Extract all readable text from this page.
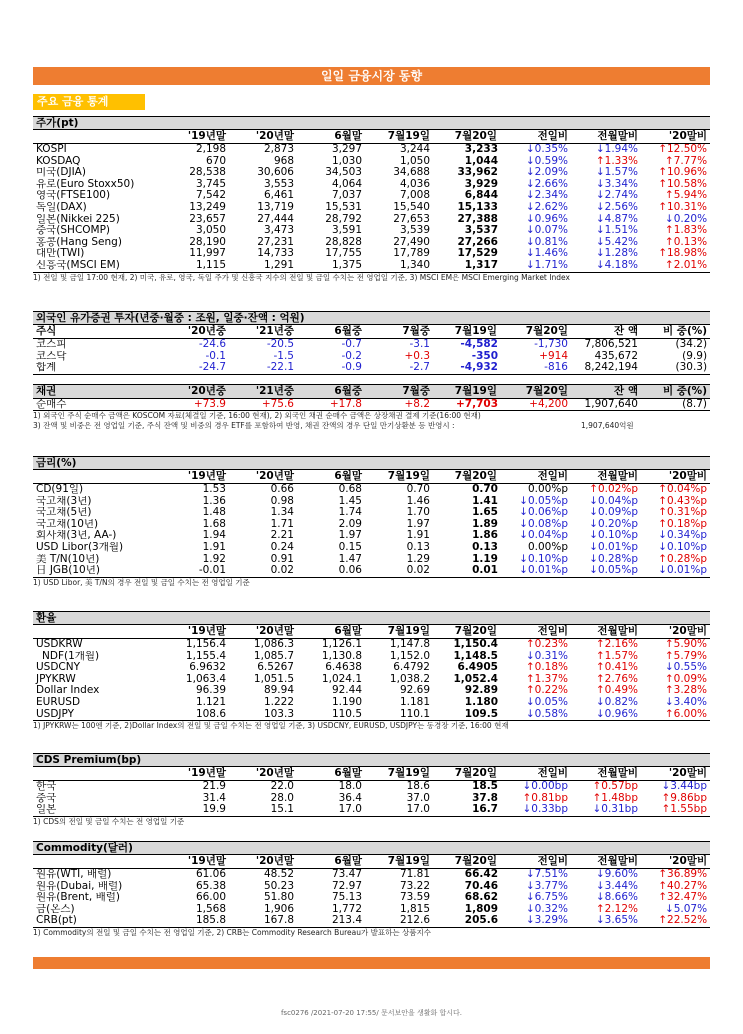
일일 금융시장 동향
주요 금융 통계
주가(pt)								
	'19년말	'20년말	6월말	7월19일	7월20일	전일비	전월말비	'20말비
KOSPI	2,198	2,873	3,297	3,244	3,233	↓0.35%	↓1.94%	↑12.50%
KOSDAQ	670	968	1,030	1,050	1,044	↓0.59%	↑1.33%	↑7.77%
미국(DJIA)	28,538	30,606	34,503	34,688	33,962	↓2.09%	↓1.57%	↑10.96%
유로(Euro Stoxx50)	3,745	3,553	4,064	4,036	3,929	↓2.66%	↓3.34%	↑10.58%
영국(FTSE100)	7,542	6,461	7,037	7,008	6,844	↓2.34%	↓2.74%	↑5.94%
독일(DAX)	13,249	13,719	15,531	15,540	15,133	↓2.62%	↓2.56%	↑10.31%
일본(Nikkei 225)	23,657	27,444	28,792	27,653	27,388	↓0.96%	↓4.87%	↓0.20%
중국(SHCOMP)	3,050	3,473	3,591	3,539	3,537	↓0.07%	↓1.51%	↑1.83%
홍콩(Hang Seng)	28,190	27,231	28,828	27,490	27,266	↓0.81%	↓5.42%	↑0.13%
대만(TWI)	11,997	14,733	17,755	17,789	17,529	↓1.46%	↓1.28%	↑18.98%
신흥국(MSCI EM)	1,115	1,291	1,375	1,340	1,317	↓1.71%	↓4.18%	↑2.01%
1) 전일 및 금일 17:00 현재, 2) 미국, 유로, 영국, 독일 주가 및 신흥국 지수의 전일 및 금일 수치는 전 영업일 기준, 3) MSCI EM은 MSCI Emerging Market Index
외국인 유가증권 투자(년중·월중 : 조원, 일중·잔액 : 억원)								
주식	'20년중	'21년중	6월중	7월중	7월19일	7월20일	잔 액	비 중(%)
코스피	-24.6	-20.5	-0.7	-3.1	-4,582	-1,730	7,806,521	(34.2)
코스닥	-0.1	-1.5	-0.2	+0.3	-350	+914	435,672	(9.9)
합계	-24.7	-22.1	-0.9	-2.7	-4,932	-816	8,242,194	(30.3)
채권	'20년중	'21년중	6월중	7월중	7월19일	7월20일	잔 액	비 중(%)
순매수	+73.9	+75.6	+17.8	+8.2	+7,703	+4,200	1,907,640	(8.7)
1) 외국인 주식 순매수 금액은 KOSCOM 자료(체결일 기준, 16:00 현재), 2) 외국인 채권 순매수 금액은 상장채권 결제 기준(16:00 현재)
3) 잔액 및 비중은 전 영업일 기준, 주식 잔액 및 비중의 경우 ETF를 포함하여 반영, 채권 잔액의 경우 단일 만기상환분 등 반영시 :	1,907,640억원
금리(%)								
	'19년말	'20년말	6월말	7월19일	7월20일	전일비	전월말비	'20말비
CD(91일)	1.53	0.66	0.68	0.70	0.70	0.00%p	↑0.02%p	↑0.04%p
국고채(3년)	1.36	0.98	1.45	1.46	1.41	↓0.05%p	↓0.04%p	↑0.43%p
국고채(5년)	1.48	1.34	1.74	1.70	1.65	↓0.06%p	↓0.09%p	↑0.31%p
국고채(10년)	1.68	1.71	2.09	1.97	1.89	↓0.08%p	↓0.20%p	↑0.18%p
회사채(3년, AA-)	1.94	2.21	1.97	1.91	1.86	↓0.04%p	↓0.10%p	↓0.34%p
USD Libor(3개월)	1.91	0.24	0.15	0.13	0.13	0.00%p	↓0.01%p	↓0.10%p
美 T/N(10년)	1.92	0.91	1.47	1.29	1.19	↓0.10%p	↓0.28%p	↑0.28%p
日 JGB(10년)	-0.01	0.02	0.06	0.02	0.01	↓0.01%p	↓0.05%p	↓0.01%p
1) USD Libor, 美 T/N의 경우 전일 및 금일 수치는 전 영업일 기준
환율								
	'19년말	'20년말	6월말	7월19일	7월20일	전일비	전월말비	'20말비
USDKRW	1,156.4	1,086.3	1,126.1	1,147.8	1,150.4	↑0.23%	↑2.16%	↑5.90%
NDF(1개월)	1,155.4	1,085.7	1,130.8	1,152.0	1,148.5	↓0.31%	↑1.57%	↑5.79%
USDCNY	6.9632	6.5267	6.4638	6.4792	6.4905	↑0.18%	↑0.41%	↓0.55%
JPYKRW	1,063.4	1,051.5	1,024.1	1,038.2	1,052.4	↑1.37%	↑2.76%	↑0.09%
Dollar Index	96.39	89.94	92.44	92.69	92.89	↑0.22%	↑0.49%	↑3.28%
EURUSD	1.121	1.222	1.190	1.181	1.180	↓0.05%	↓0.82%	↓3.40%
USDJPY	108.6	103.3	110.5	110.1	109.5	↓0.58%	↓0.96%	↑6.00%
1) JPYKRW는 100엔 기준, 2)Dollar Index의 전일 및 금일 수치는 전 영업일 기준, 3) USDCNY, EURUSD, USDJPY는 동경장 기준, 16:00 현재
CDS Premium(bp)								
	'19년말	'20년말	6월말	7월19일	7월20일	전일비	전월말비	'20말비
한국	21.9	22.0	18.0	18.6	18.5	↓0.00bp	↑0.57bp	↓3.44bp
중국	31.4	28.0	36.4	37.0	37.8	↑0.81bp	↑1.48bp	↑9.86bp
일본	19.9	15.1	17.0	17.0	16.7	↓0.33bp	↓0.31bp	↑1.55bp
1) CDS의 전일 및 금일 수치는 전 영업일 기준
Commodity(달러)								
	'19년말	'20년말	6월말	7월19일	7월20일	전일비	전월말비	'20말비
원유(WTI, 배럴)	61.06	48.52	73.47	71.81	66.42	↓7.51%	↓9.60%	↑36.89%
원유(Dubai, 배럴)	65.38	50.23	72.97	73.22	70.46	↓3.77%	↓3.44%	↑40.27%
원유(Brent, 배럴)	66.00	51.80	75.13	73.59	68.62	↓6.75%	↓8.66%	↑32.47%
금(온스)	1,568	1,906	1,772	1,815	1,809	↓0.32%	↑2.12%	↓5.07%
CRB(pt)	185.8	167.8	213.4	212.6	205.6	↓3.29%	↓3.65%	↑22.52%
1) Commodity의 전일 및 금일 수치는 전 영업일 기준, 2) CRB는 Commodity Research Bureau가 발표하는 상품지수
fsc0276 /2021-07-20 17:55/ 문서보안을 생활화 합시다.
